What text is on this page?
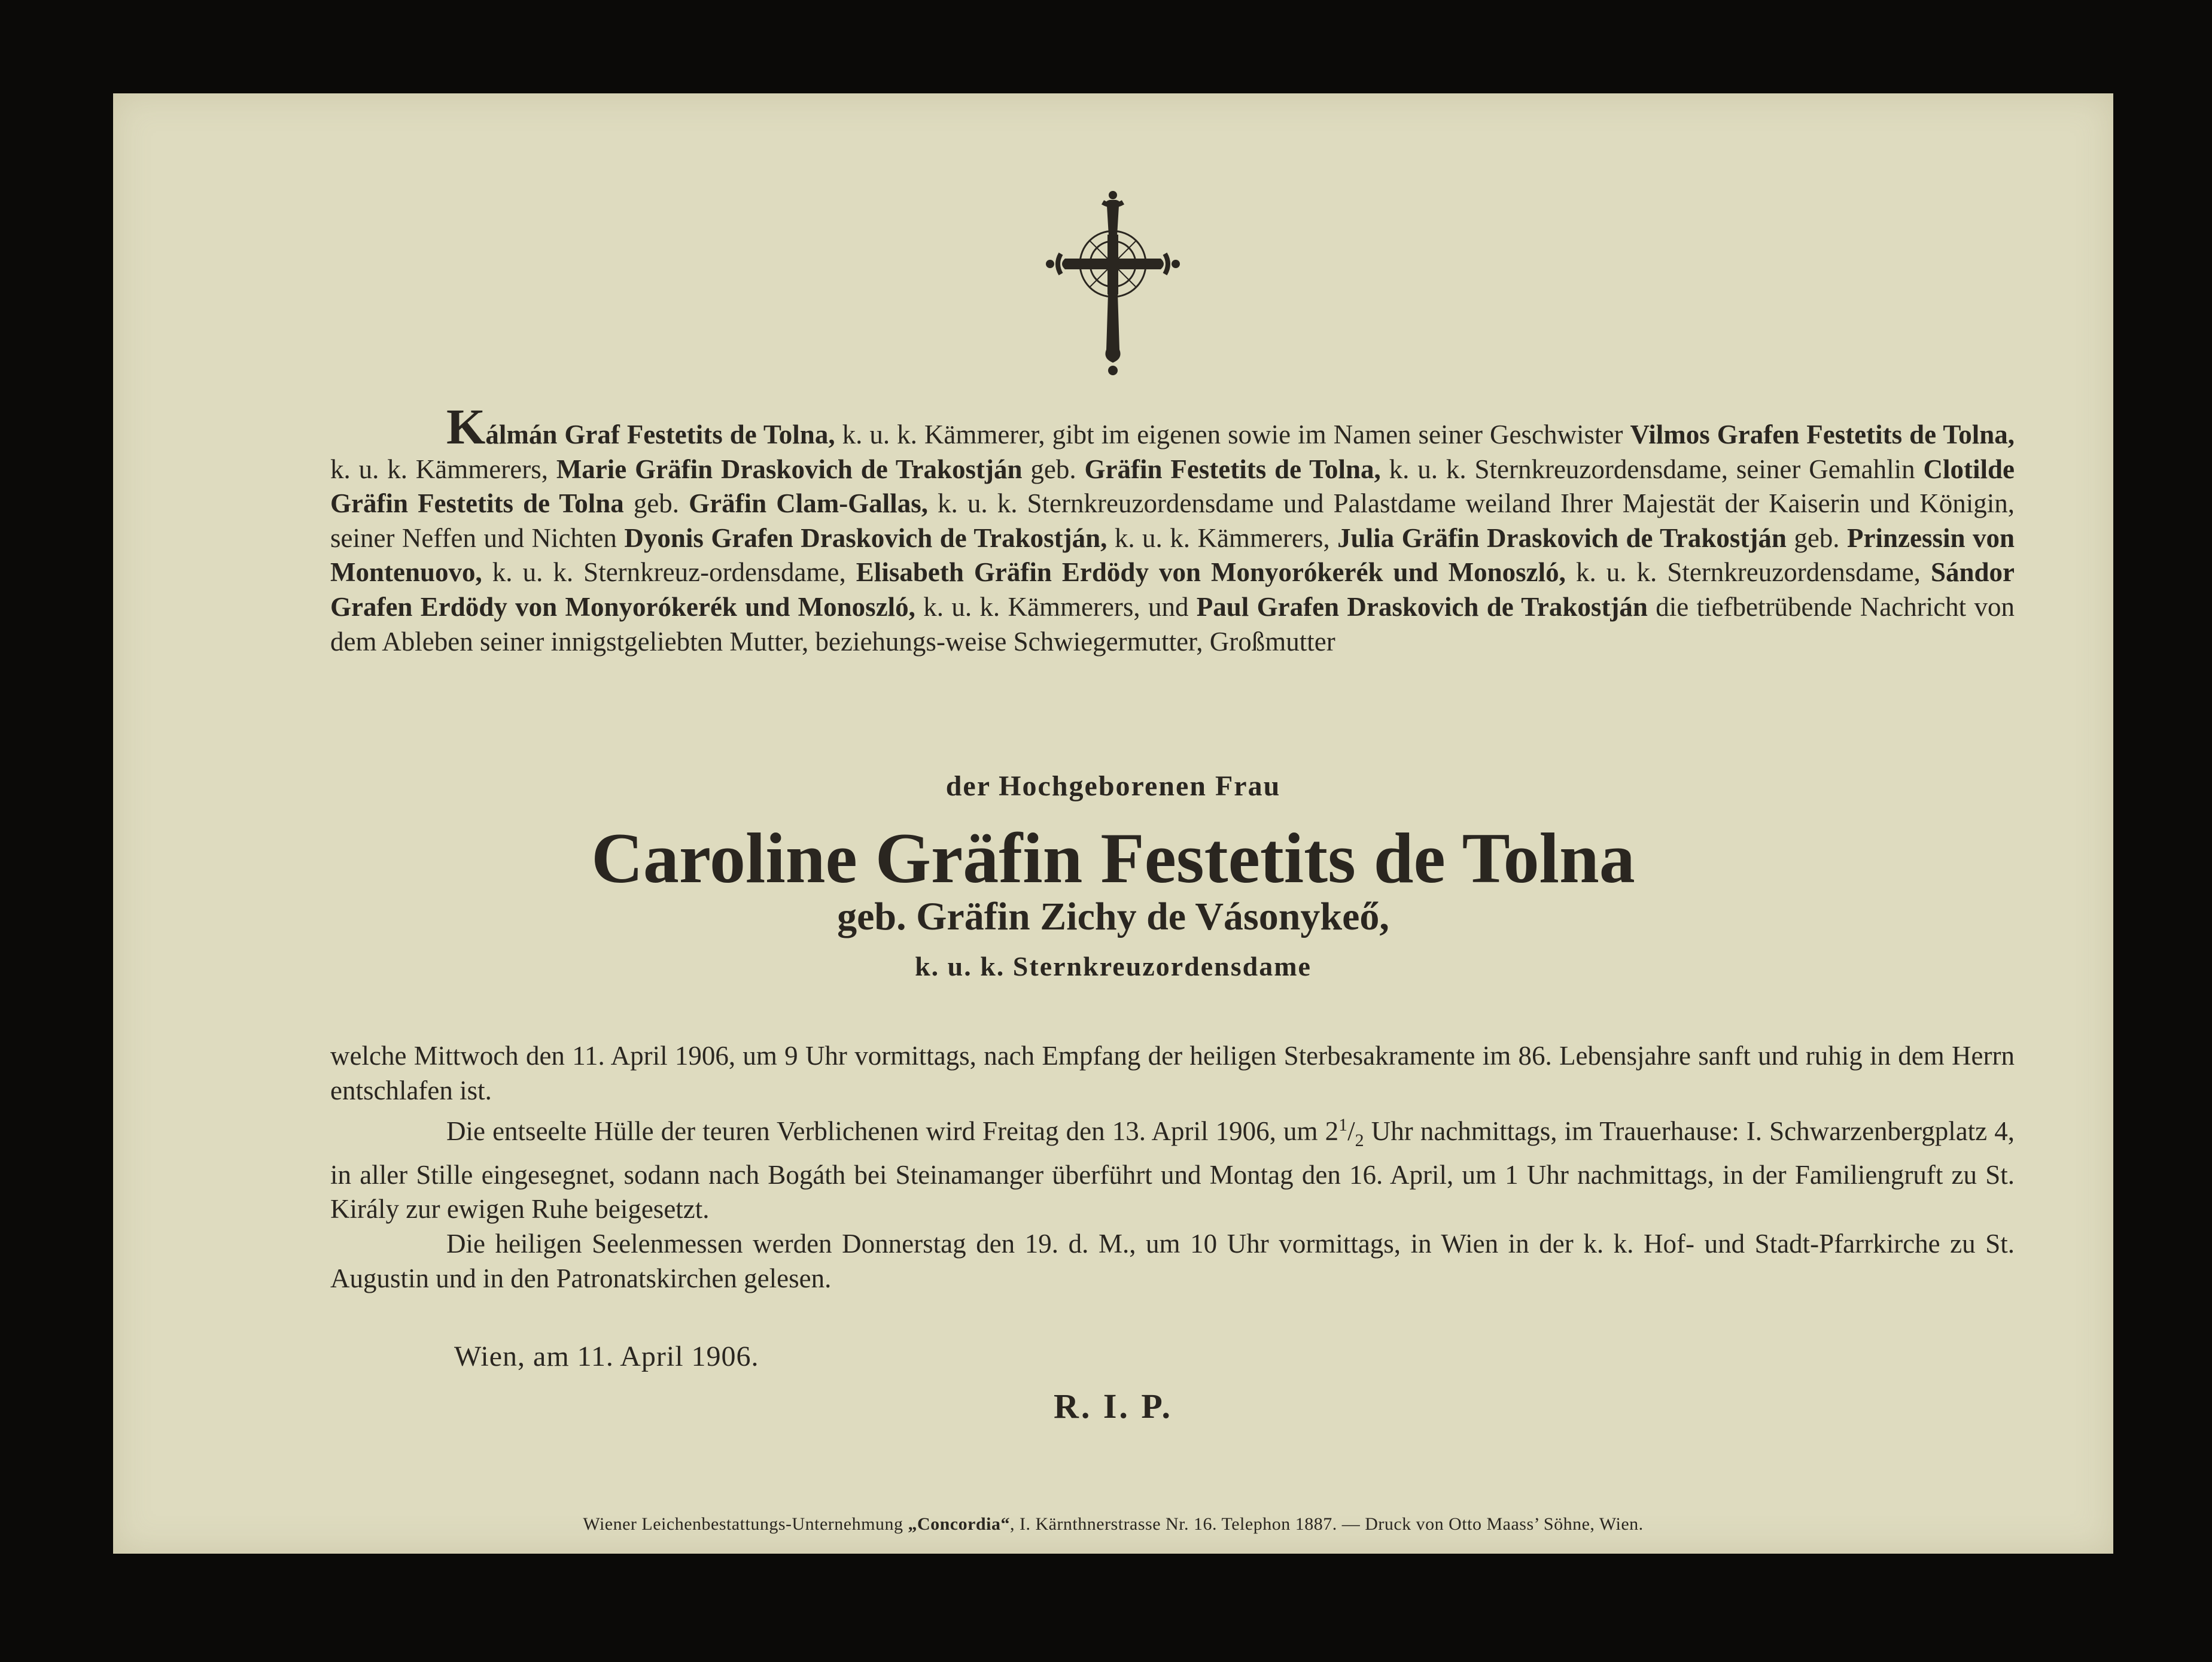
Kálmán Graf Festetits de Tolna, k. u. k. Kämmerer, gibt im eigenen sowie im Namen seiner Geschwister Vilmos Grafen Festetits de Tolna, k. u. k. Kämmerers, Marie Gräfin Draskovich de Trakostján geb. Gräfin Festetits de Tolna, k. u. k. Sternkreuzordensdame, seiner Gemahlin Clotilde Gräfin Festetits de Tolna geb. Gräfin Clam-Gallas, k. u. k. Sternkreuzordensdame und Palastdame weiland Ihrer Majestät der Kaiserin und Königin, seiner Neffen und Nichten Dyonis Grafen Draskovich de Trakostján, k. u. k. Kämmerers, Julia Gräfin Draskovich de Trakostján geb. Prinzessin von Montenuovo, k. u. k. Sternkreuz-ordensdame, Elisabeth Gräfin Erdödy von Monyorókerék und Monoszló, k. u. k. Sternkreuzordensdame, Sándor Grafen Erdödy von Monyorókerék und Monoszló, k. u. k. Kämmerers, und Paul Grafen Draskovich de Trakostján die tiefbetrübende Nachricht von dem Ableben seiner innigstgeliebten Mutter, beziehungs-weise Schwiegermutter, Großmutter

der Hochgeborenen Frau

Caroline Gräfin Festetits de Tolna

geb. Gräfin Zichy de Vásonykeő,

k. u. k. Sternkreuzordensdame

welche Mittwoch den 11. April 1906, um 9 Uhr vormittags, nach Empfang der heiligen Sterbesakramente im 86. Lebensjahre sanft und ruhig in dem Herrn entschlafen ist.
Die entseelte Hülle der teuren Verblichenen wird Freitag den 13. April 1906, um $2^1/_2$ Uhr nachmittags, im Trauerhause: I. Schwarzenbergplatz 4, in aller Stille eingesegnet, sodann nach Bogáth bei Steinamanger überführt und Montag den 16. April, um 1 Uhr nachmittags, in der Familiengruft zu St. Király zur ewigen Ruhe beigesetzt.
Die heiligen Seelenmessen werden Donnerstag den 19. d. M., um 10 Uhr vormittags, in Wien in der k. k. Hof- und Stadt-Pfarrkirche zu St. Augustin und in den Patronatskirchen gelesen.
Wien, am 11. April 1906.
R. I. P.
Wiener Leichenbestattungs-Unternehmung „Concordia“, I. Kärnthnerstrasse Nr. 16. Telephon 1887. — Druck von Otto Maass’ Söhne, Wien.
